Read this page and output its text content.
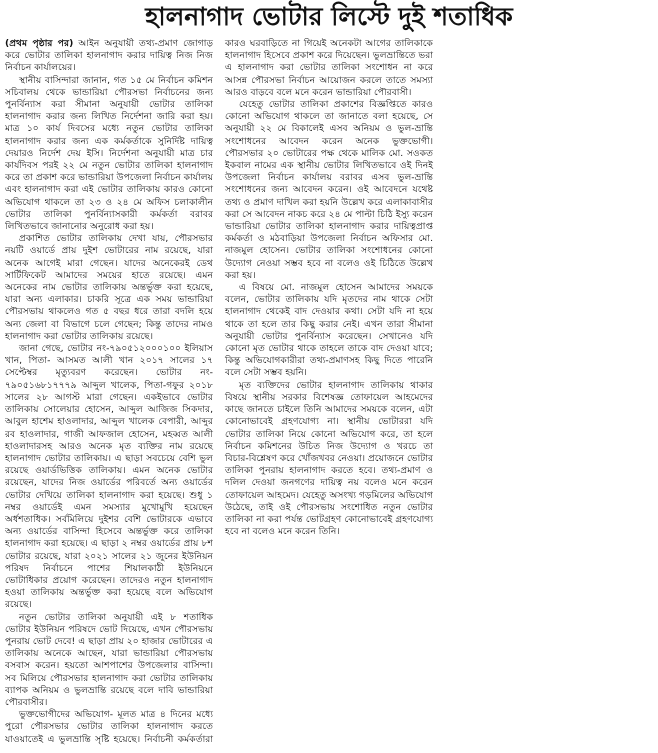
হালনাগাদ ভোটার লিস্টে দুই শতাধিক

(প্রথম পৃষ্ঠার পর) আইন অনুযায়ী তথ্য-প্রমাণ জোগাড় করে ভোটার তালিকা হালনাগাদ করার দায়িত্ব নিজ নিজ নির্বাচন কার্যালয়ের।

স্থানীয় বাসিন্দারা জানান, গত ১৫ মে নির্বাচন কমিশন সচিবালয় থেকে ভান্ডারিয়া পৌরসভা নির্বাচনের জন্য পুনর্বিন্যাস করা সীমানা অনুযায়ী ভোটার তালিকা হালনাগাদ করার জন্য লিখিত নির্দেশনা জারি করা হয়। মাত্র ১০ কার্য দিবসের মধ্যে নতুন ভোটার তালিকা হালনাগাদ করার জন্য এক কর্মকর্তাকে সুনির্দিষ্ট দায়িত্ব দেয়ারও নির্দেশ দেয় ইসি। নির্দেশনা অনুযায়ী মাত্র চার কার্যদিবস পরই ২২ মে নতুন ভোটার তালিকা হালনাগাদ করে তা প্রকাশ করে ভান্ডারিয়া উপজেলা নির্বাচন কার্যালয় এবং হালনাগাদ করা এই ভোটার তালিকায় কারও কোনো অভিযোগ থাকলে তা ২৩ ও ২৪ মে অফিস চলাকালীন ভোটার তালিকা পুনর্বিন্যাসকারী কর্মকর্তা বরাবর লিখিতভাবে জানানোর অনুরোধ করা হয়।

প্রকাশিত ভোটার তালিকায় দেখা যায়, পৌরসভার নয়টি ওয়ার্ডে প্রায় দুইশ ভোটারের নাম রয়েছে, যারা অনেক আগেই মারা গেছেন। যাদের অনেকেরই ডেথ সার্টিফিকেট আমাদের সময়ের হাতে রয়েছে। এমন অনেকের নাম ভোটার তালিকায় অন্তর্ভুক্ত করা হয়েছে, যারা অন্য এলাকার। চাকরি সূত্রে এক সময় ভান্ডারিয়া পৌরসভায় থাকলেও গত ৫ বছর ধরে তারা বদলি হয়ে অন্য জেলা বা বিভাগে চলে গেছেন; কিন্তু তাদের নামও হালনাগাদ করা ভোটার তালিকায় রয়েছে।

জানা গেছে, ভোটার নং-৭৯০৫১২০০০১০০ ইলিয়াস খান, পিতা- আসমত আলী খান ২০১৭ সালের ১৭ সেপ্টেম্বর মৃত্যুবরণ করেছেন। ভোটার নং- ৭৯০৫১৬৮১৭৭৭৯ আব্দুল খালেক, পিতা-গফুর ২০১৮ সালের ২৮ আগস্ট মারা গেছেন। একইভাবে ভোটার তালিকায় সোলেয়ার হোসেন, আব্দুল আজিজ সিকদার, আবুল হাশেম হাওলাদার, আব্দুল খালেক বেপারী, আব্দুর রব হাওলাদার, গাজী আফজাল হোসেন, মহব্বত আলী হাওলাদারসহ আরও অনেক মৃত ব্যক্তির নাম রয়েছে হালনাগাদ ভোটার তালিকায়। এ ছাড়া সবচেয়ে বেশি ভুল রয়েছে ওয়ার্ডভিত্তিক তালিকায়। এমন অনেক ভোটার রয়েছেন, যাদের নিজ ওয়ার্ডের পরিবর্তে অন্য ওয়ার্ডের ভোটার দেখিয়ে তালিকা হালনাগাদ করা হয়েছে। শুধু ১ নম্বর ওয়ার্ডেই এমন সমস্যার মুখোমুখি হয়েছেন অর্ধশতাধিক। সর্বমিলিয়ে দুইশর বেশি ভোটারকে এভাবে অন্য ওয়ার্ডের বাসিন্দা হিসেবে অন্তর্ভুক্ত করে তালিকা হালনাগাদ করা হয়েছে। এ ছাড়া ২ নম্বর ওয়ার্ডের প্রায় ৮শ ভোটার রয়েছে, যারা ২০২১ সালের ২১ জুনের ইউনিয়ন পরিষদ নির্বাচনে পাশের শিয়ালকাঠী ইউনিয়নে ভোটাধিকার প্রয়োগ করেছেন। তাদেরও নতুন হালনাগাদ হওয়া তালিকায় অন্তর্ভুক্ত করা হয়েছে বলে অভিযোগ রয়েছে।

নতুন ভোটার তালিকা অনুযায়ী এই ৮ শতাধিক ভোটার ইউনিয়ন পরিষদে ভোট দিয়েছে, এখন পৌরসভায় পুনরায় ভোট দেবে! এ ছাড়া প্রায় ২০ হাজার ভোটারের এ তালিকায় অনেকে আছেন, যারা ভান্ডারিয়া পৌরসভায় বসবাস করেন। হয়তো আশপাশের উপজেলার বাসিন্দা। সব মিলিয়ে পৌরসভার হালনাগাদ করা ভোটার তালিকায় ব্যাপক অনিয়ম ও ভুলভ্রান্তি রয়েছে বলে দাবি ভান্ডারিয়া পৌরবাসীর।

ভুক্তভোগীদের অভিযোগ- মূলত মাত্র ৪ দিনের মধ্যে পুরো পৌরসভার ভোটার তালিকা হালনাগাদ করতে যাওয়াতেই এ ভুলভ্রান্তি সৃষ্টি হয়েছে। নির্বাচনী কর্মকর্তারা কারও ঘরবাড়িতে না গিয়েই অনেকটা আগের তালিকাকে হালনাগাদ হিসেবে প্রকাশ করে দিয়েছেন। ভুলভ্রান্তিতে ভরা এ হালনাগাদ করা ভোটার তালিকা সংশোধন না করে আসন্ন পৌরসভা নির্বাচন আয়োজন করলে তাতে সমস্যা আরও বাড়বে বলে মনে করেন ভান্ডারিয়া পৌরবাসী।

যেহেতু ভোটার তালিকা প্রকাশের বিজ্ঞপ্তিতে কারও কোনো অভিযোগ থাকলে তা জানাতে বলা হয়েছে, সে অনুযায়ী ২২ মে বিকালেই এসব অনিয়ম ও ভুল-ভ্রান্তি সংশোধনের আবেদন করেন অনেক ভুক্তভোগী। পৌরসভার ২০ ভোটারের পক্ষ থেকে মালিক মো. সওকত ইকবাল নামের এক স্থানীয় ভোটার লিখিতভাবে ওই দিনই উপজেলা নির্বাচন কার্যালয় বরাবর এসব ভুল-ভ্রান্তি সংশোধনের জন্য আবেদন করেন। ওই আবেদনে যথেষ্ট তথ্য ও প্রমাণ দাখিল করা হয়নি উল্লেখ করে এলাকাবাসীর করা সে আবেদন নাকচ করে ২৪ মে পাল্টা চিঠি ইস্যু করেন ভান্ডারিয়া ভোটার তালিকা হালনাগাদ করার দায়িত্বপ্রাপ্ত কর্মকর্তা ও মঠবাড়িয়া উপজেলা নির্বাচন অফিসার মো. নাজমুল হোসেন। ভোটার তালিকা সংশোধনের কোনো উদ্যোগ নেওয়া সম্ভব হবে না বলেও ওই চিঠিতে উল্লেখ করা হয়।

এ বিষয়ে মো. নাজমুল হোসেন আমাদের সময়কে বলেন, ভোটার তালিকায় যদি মৃতদের নাম থাকে সেটা হালনাগাদ থেকেই বাদ দেওয়ার কথা। সেটা যদি না হয়ে থাকে তা হলে তার কিছু করার নেই। এখন তারা সীমানা অনুযায়ী ভোটার পুনর্বিন্যাস করেছেন। সেখানেও যদি কোনো মৃত ভোটার থাকে তাহলে তাকে বাদ দেওয়া যাবে; কিন্তু অভিযোগকারীরা তথ্য-প্রমাণসহ কিছু দিতে পারেনি বলে সেটা সম্ভব হয়নি।

মৃত ব্যক্তিদের ভোটার হালনাগাদ তালিকায় থাকার বিষয়ে স্থানীয় সরকার বিশেষজ্ঞ তোফায়েল আহমেদের কাছে জানতে চাইলে তিনি আমাদের সময়কে বলেন, এটা কোনোভাবেই গ্রহণযোগ্য না। স্থানীয় ভোটাররা যদি ভোটার তালিকা নিয়ে কোনো অভিযোগ করে, তা হলে নির্বাচন কমিশনের উচিত নিজ উদ্যোগ ও খরচে তা বিচার-বিশ্লেষণ করে খোঁজখবর নেওয়া। প্রয়োজনে ভোটার তালিকা পুনরায় হালনাগাদ করতে হবে। তথ্য-প্রমাণ ও দলিল দেওয়া জনগণের দায়িত্ব নয় বলেও মনে করেন তোফায়েল আহমেদ। যেহেতু অসংখ্য গড়মিলের অভিযোগ উঠেছে, তাই ওই পৌরসভায় সংশোধিত নতুন ভোটার তালিকা না করা পর্যন্ত ভোটগ্রহণ কোনোভাবেই গ্রহণযোগ্য হবে না বলেও মনে করেন তিনি।
